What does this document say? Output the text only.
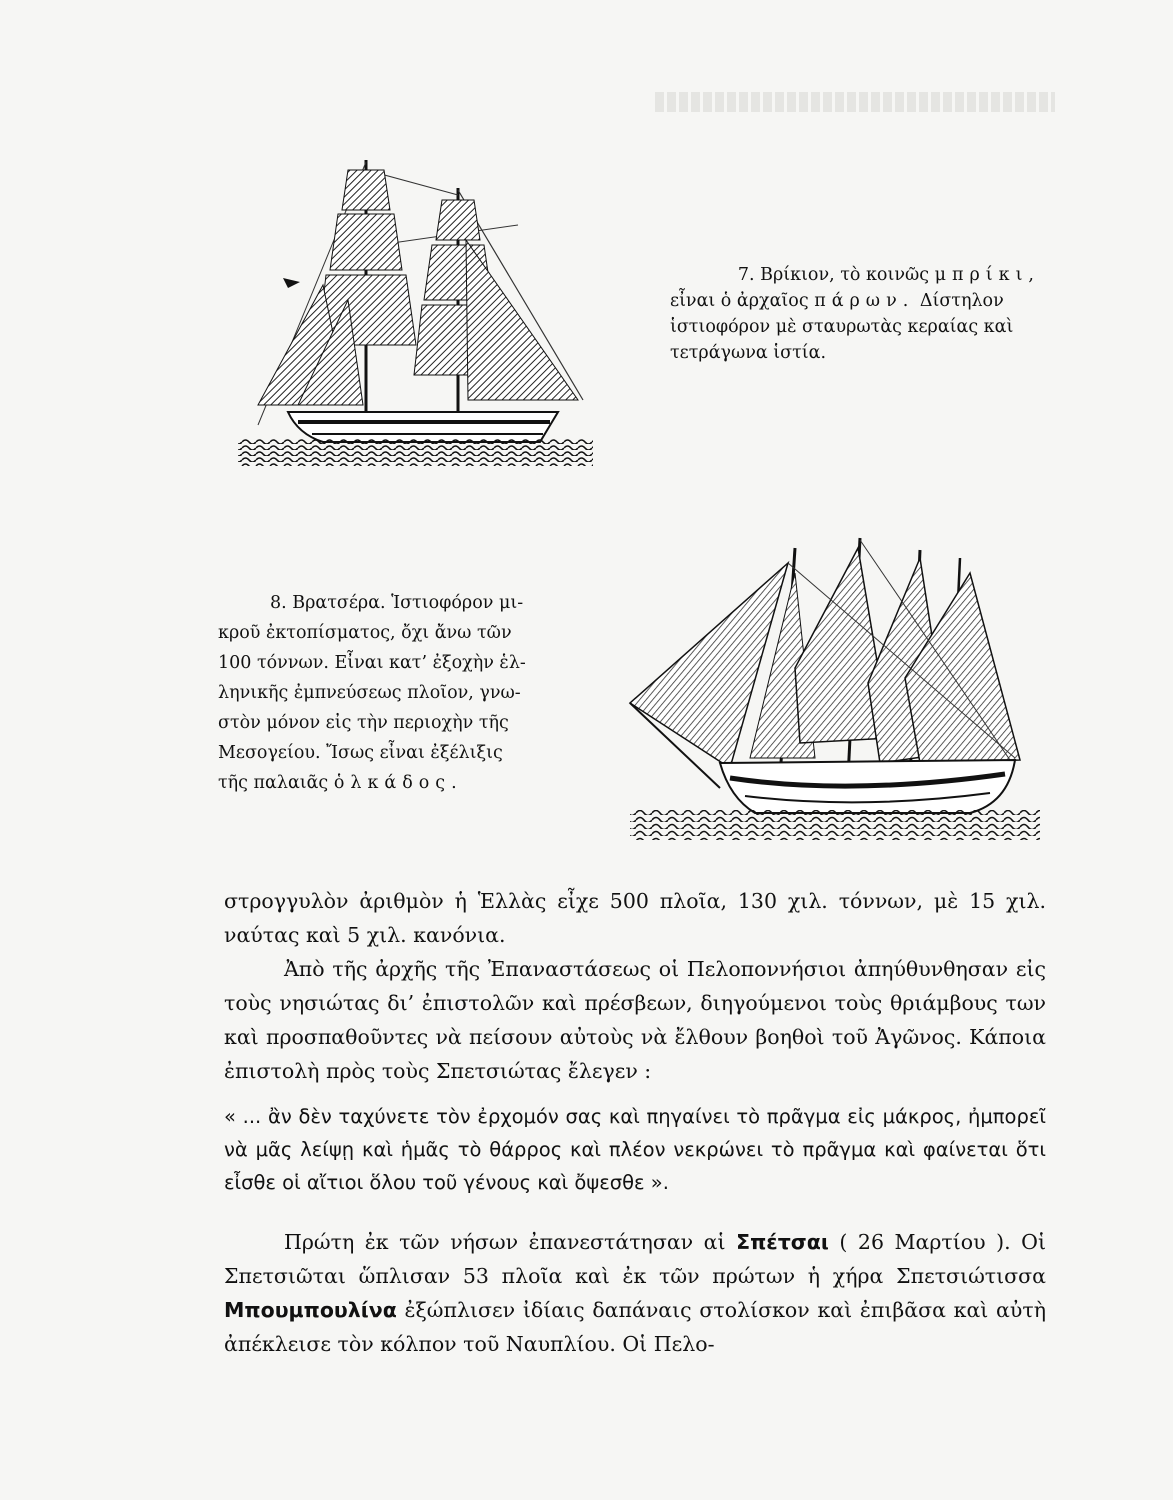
7. Βρίκιον, τὸ κοινῶς μπρίκι,

εἶναι ὁ ἀρχαῖος πάρων. Δίστηλον

ἱστιοφόρον μὲ σταυρωτὰς κεραίας καὶ

τετράγωνα ἱστία.

8. Βρατσέρα. Ἱστιοφόρον μι-

κροῦ ἐκτοπίσματος, ὄχι ἄνω τῶν

100 τόννων. Εἶναι κατ’ ἐξοχὴν ἑλ-

ληνικῆς ἐμπνεύσεως πλοῖον, γνω-

στὸν μόνον εἰς τὴν περιοχὴν τῆς

Μεσογείου. Ἴσως εἶναι ἐξέλιξις

τῆς παλαιᾶς ὁλκάδος.

στρογγυλὸν ἀριθμὸν ἡ Ἑλλὰς εἶχε 500 πλοῖα, 130 χιλ. τόννων, μὲ 15 χιλ. ναύτας καὶ 5 χιλ. κανόνια.

Ἀπὸ τῆς ἀρχῆς τῆς Ἐπαναστάσεως οἱ Πελοποννήσιοι ἀπηύθυνθησαν εἰς τοὺς νησιώτας δι’ ἐπιστολῶν καὶ πρέσβεων, διηγούμενοι τοὺς θριάμβους των καὶ προσπαθοῦντες νὰ πείσουν αὐτοὺς νὰ ἔλθουν βοηθοὶ τοῦ Ἀγῶνος. Κάποια ἐπιστολὴ πρὸς τοὺς Σπετσιώτας ἔλεγεν :

« ... ἂν δὲν ταχύνετε τὸν ἐρχομόν σας καὶ πηγαίνει τὸ πρᾶγμα εἰς μάκρος, ἠμπορεῖ νὰ μᾶς λείψῃ καὶ ἡμᾶς τὸ θάρρος καὶ πλέον νεκρώνει τὸ πρᾶγμα καὶ φαίνεται ὅτι εἶσθε οἱ αἴτιοι ὅλου τοῦ γένους καὶ ὄψεσθε ».

Πρώτη ἐκ τῶν νήσων ἐπανεστάτησαν αἱ Σπέτσαι ( 26 Μαρτίου ). Οἱ Σπετσιῶται ὥπλισαν 53 πλοῖα καὶ ἐκ τῶν πρώτων ἡ χήρα Σπετσιώτισσα Μπουμπουλίνα ἐξώπλισεν ἰδίαις δαπάναις στολίσκον καὶ ἐπιβᾶσα καὶ αὐτὴ ἀπέκλεισε τὸν κόλπον τοῦ Ναυπλίου. Οἱ Πελο-
